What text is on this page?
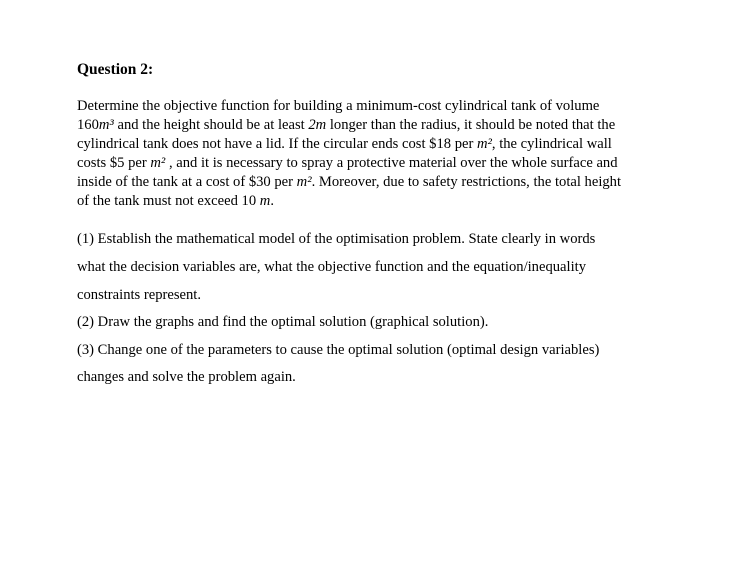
Question 2:
Determine the objective function for building a minimum-cost cylindrical tank of volume
160m³ and the height should be at least 2m longer than the radius, it should be noted that the
cylindrical tank does not have a lid. If the circular ends cost $18 per m², the cylindrical wall
costs $5 per m² , and it is necessary to spray a protective material over the whole surface and
inside of the tank at a cost of $30 per m². Moreover, due to safety restrictions, the total height
of the tank must not exceed 10 m.
(1) Establish the mathematical model of the optimisation problem. State clearly in words
what the decision variables are, what the objective function and the equation/inequality
constraints represent.
(2) Draw the graphs and find the optimal solution (graphical solution).
(3) Change one of the parameters to cause the optimal solution (optimal design variables)
changes and solve the problem again.
